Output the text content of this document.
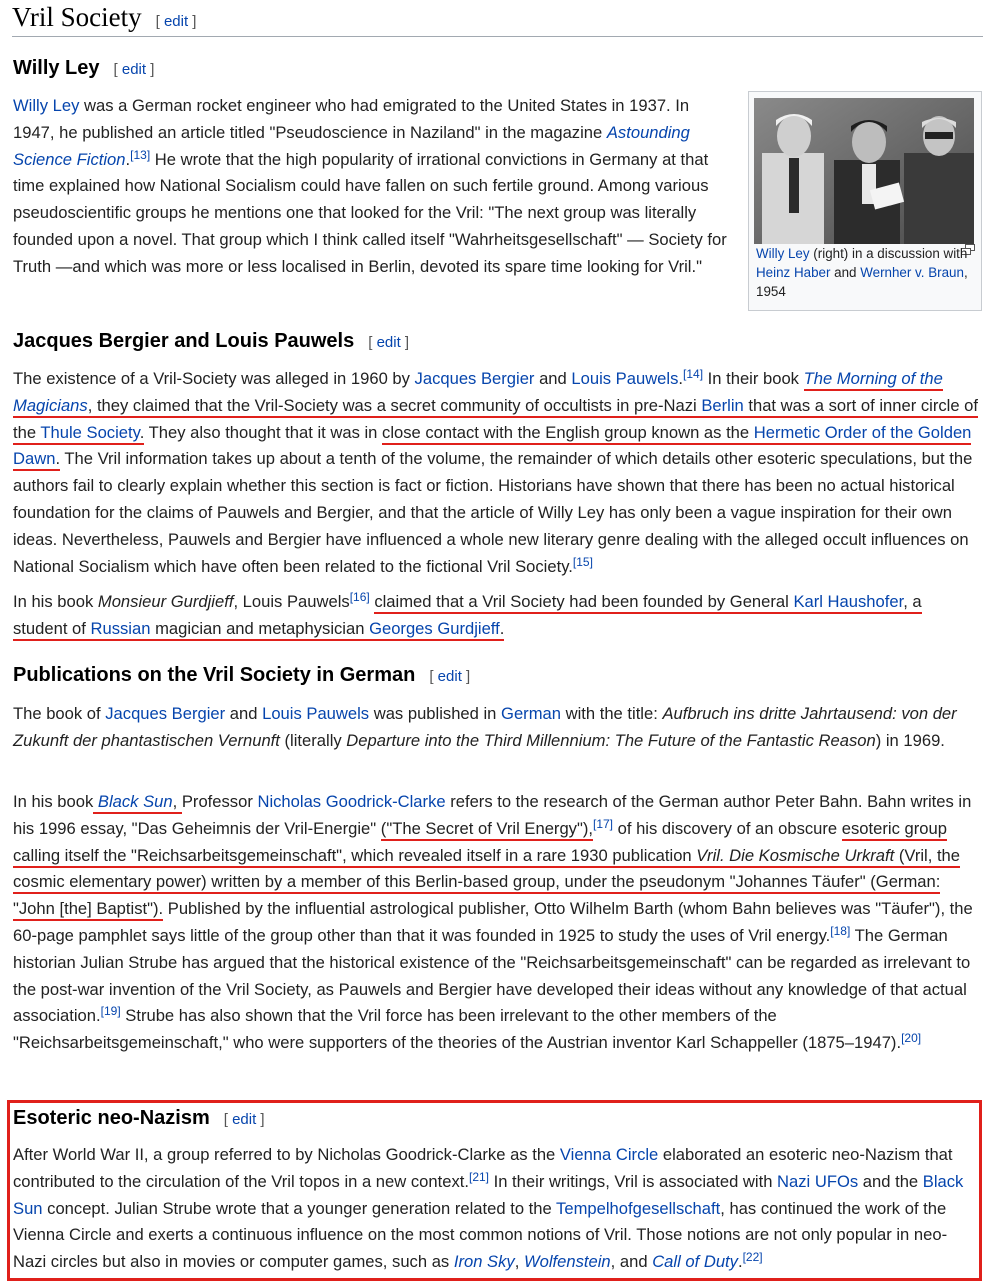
Vril Society [ edit ]
Willy Ley [ edit ]

Willy Ley was a German rocket engineer who had emigrated to the United States in 1937. In 1947, he published an article titled "Pseudoscience in Naziland" in the magazine Astounding Science Fiction.[13] He wrote that the high popularity of irrational convictions in Germany at that time explained how National Socialism could have fallen on such fertile ground. Among various pseudoscientific groups he mentions one that looked for the Vril: "The next group was literally founded upon a novel. That group which I think called itself "Wahrheitsgesellschaft" — Society for Truth —and which was more or less localised in Berlin, devoted its spare time looking for Vril."

Willy Ley (right) in a discussion with Heinz Haber and Wernher v. Braun, 1954
Jacques Bergier and Louis Pauwels [ edit ]

The existence of a Vril-Society was alleged in 1960 by Jacques Bergier and Louis Pauwels.[14] In their book The Morning of the Magicians, they claimed that the Vril-Society was a secret community of occultists in pre-Nazi Berlin that was a sort of inner circle of the Thule Society. They also thought that it was in close contact with the English group known as the Hermetic Order of the Golden Dawn. The Vril information takes up about a tenth of the volume, the remainder of which details other esoteric speculations, but the authors fail to clearly explain whether this section is fact or fiction. Historians have shown that there has been no actual historical foundation for the claims of Pauwels and Bergier, and that the article of Willy Ley has only been a vague inspiration for their own ideas. Nevertheless, Pauwels and Bergier have influenced a whole new literary genre dealing with the alleged occult influences on National Socialism which have often been related to the fictional Vril Society.[15]

In his book Monsieur Gurdjieff, Louis Pauwels[16] claimed that a Vril Society had been founded by General Karl Haushofer, a student of Russian magician and metaphysician Georges Gurdjieff.

Publications on the Vril Society in German [ edit ]

The book of Jacques Bergier and Louis Pauwels was published in German with the title: Aufbruch ins dritte Jahrtausend: von der Zukunft der phantastischen Vernunft (literally Departure into the Third Millennium: The Future of the Fantastic Reason) in 1969.

In his book Black Sun, Professor Nicholas Goodrick-Clarke refers to the research of the German author Peter Bahn. Bahn writes in his 1996 essay, "Das Geheimnis der Vril-Energie" ("The Secret of Vril Energy"),[17] of his discovery of an obscure esoteric group calling itself the "Reichsarbeitsgemeinschaft", which revealed itself in a rare 1930 publication Vril. Die Kosmische Urkraft (Vril, the cosmic elementary power) written by a member of this Berlin-based group, under the pseudonym "Johannes Täufer" (German: "John [the] Baptist"). Published by the influential astrological publisher, Otto Wilhelm Barth (whom Bahn believes was "Täufer"), the 60-page pamphlet says little of the group other than that it was founded in 1925 to study the uses of Vril energy.[18] The German historian Julian Strube has argued that the historical existence of the "Reichsarbeitsgemeinschaft" can be regarded as irrelevant to the post-war invention of the Vril Society, as Pauwels and Bergier have developed their ideas without any knowledge of that actual association.[19] Strube has also shown that the Vril force has been irrelevant to the other members of the "Reichsarbeitsgemeinschaft," who were supporters of the theories of the Austrian inventor Karl Schappeller (1875–1947).[20]

Esoteric neo-Nazism [ edit ]

After World War II, a group referred to by Nicholas Goodrick-Clarke as the Vienna Circle elaborated an esoteric neo-Nazism that contributed to the circulation of the Vril topos in a new context.[21] In their writings, Vril is associated with Nazi UFOs and the Black Sun concept. Julian Strube wrote that a younger generation related to the Tempelhofgesellschaft, has continued the work of the Vienna Circle and exerts a continuous influence on the most common notions of Vril. Those notions are not only popular in neo-Nazi circles but also in movies or computer games, such as Iron Sky, Wolfenstein, and Call of Duty.[22]
